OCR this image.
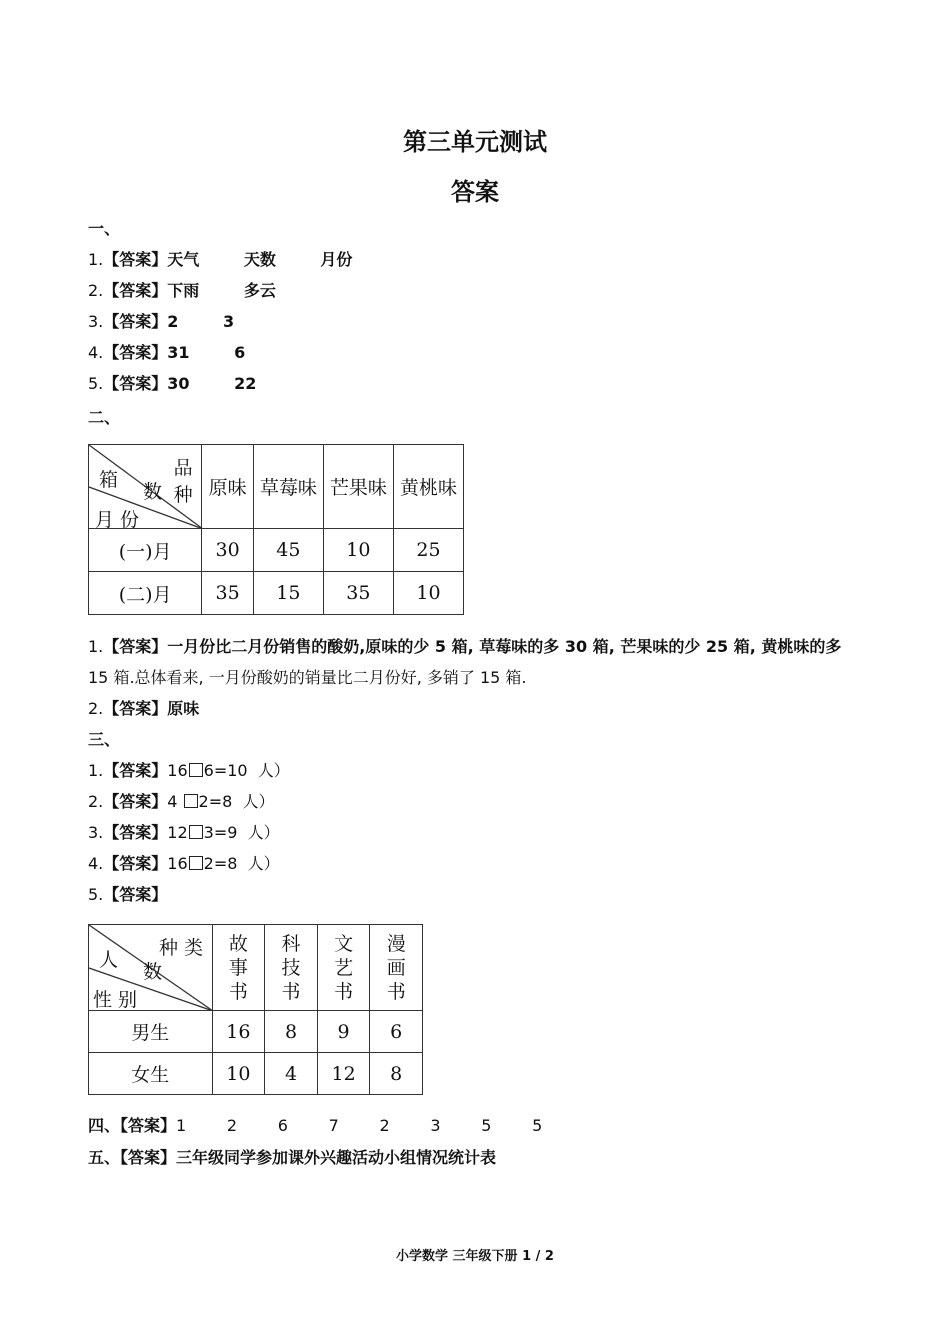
第三单元测试
答案
一、
1.【答案】天气        天数        月份
2.【答案】下雨        多云
3.【答案】2        3
4.【答案】31        6
5.【答案】30        22
二、
品 种
箱
数
月 份	原味	草莓味	芒果味	黄桃味
(一)月	30	45	10	25
(二)月	35	15	35	10
1.【答案】一月份比二月份销售的酸奶,原味的少 5 箱, 草莓味的多 30 箱, 芒果味的少 25 箱, 黄桃味的多
15 箱.总体看来, 一月份酸奶的销量比二月份好, 多销了 15 箱.
2.【答案】原味
三、
1.【答案】16 6=10  人）
2.【答案】4 2=8  人）
3.【答案】12 3=9  人）
4.【答案】16 2=8  人）
5.【答案】
种 类
人
数
性 别	故事书	科技书	文艺书	漫画书
男生	16	8	9	6
女生	10	4	12	8
四、【答案】1        2        6        7        2        3        5        5
五、【答案】三年级同学参加课外兴趣活动小组情况统计表
小学数学 三年级下册 1 / 2
